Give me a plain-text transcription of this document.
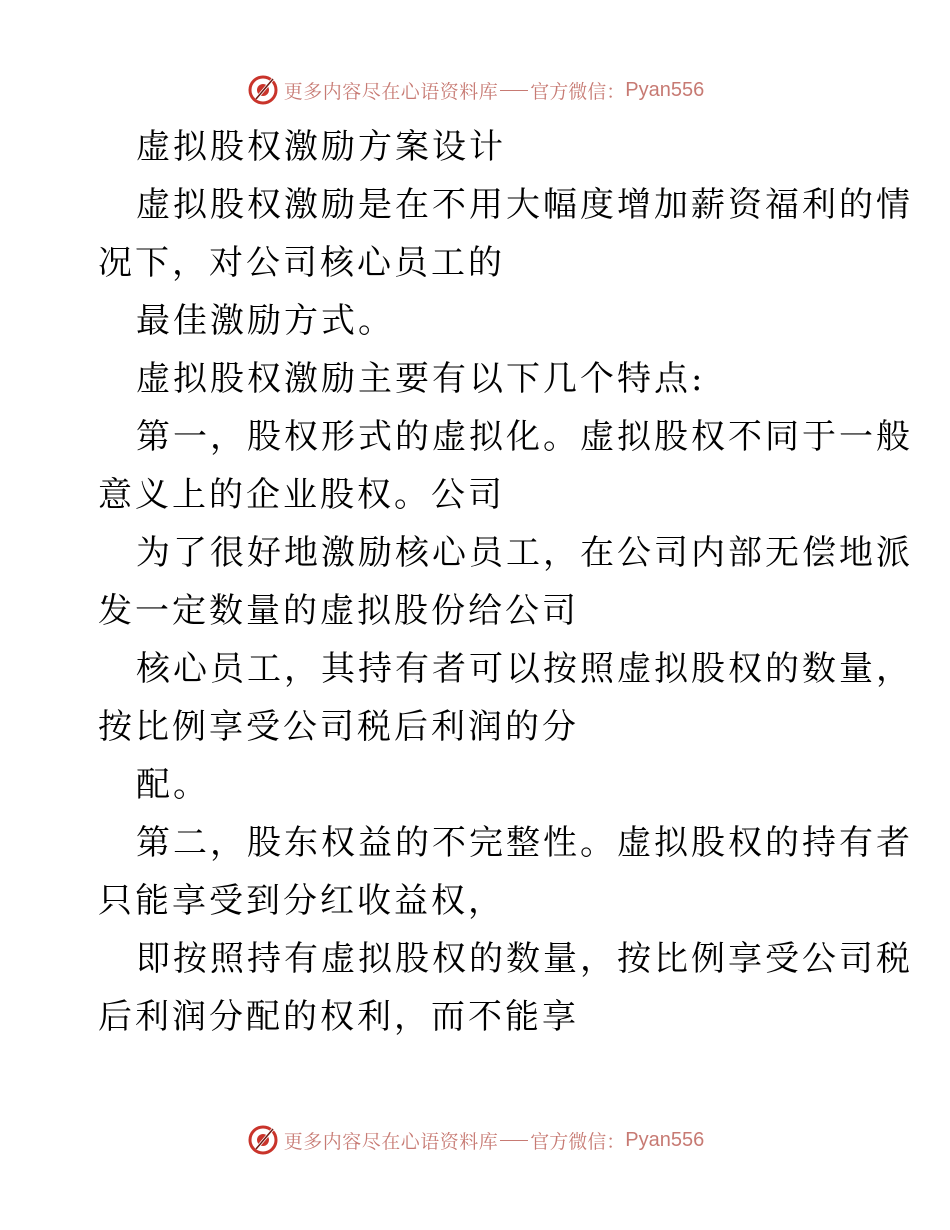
更多内容尽在心语资料库 官方微信： Pyan556
虚拟股权激励方案设计
虚拟股权激励是在不用大幅度增加薪资福利的情
况下，对公司核心员工的
最佳激励方式。
虚拟股权激励主要有以下几个特点:
第一，股权形式的虚拟化。虚拟股权不同于一般
意义上的企业股权。公司
为了很好地激励核心员工，在公司内部无偿地派
发一定数量的虚拟股份给公司
核心员工，其持有者可以按照虚拟股权的数量，
按比例享受公司税后利润的分
配。
第二，股东权益的不完整性。虚拟股权的持有者
只能享受到分红收益权，
即按照持有虚拟股权的数量，按比例享受公司税
后利润分配的权利，而不能享
更多内容尽在心语资料库 官方微信： Pyan556
